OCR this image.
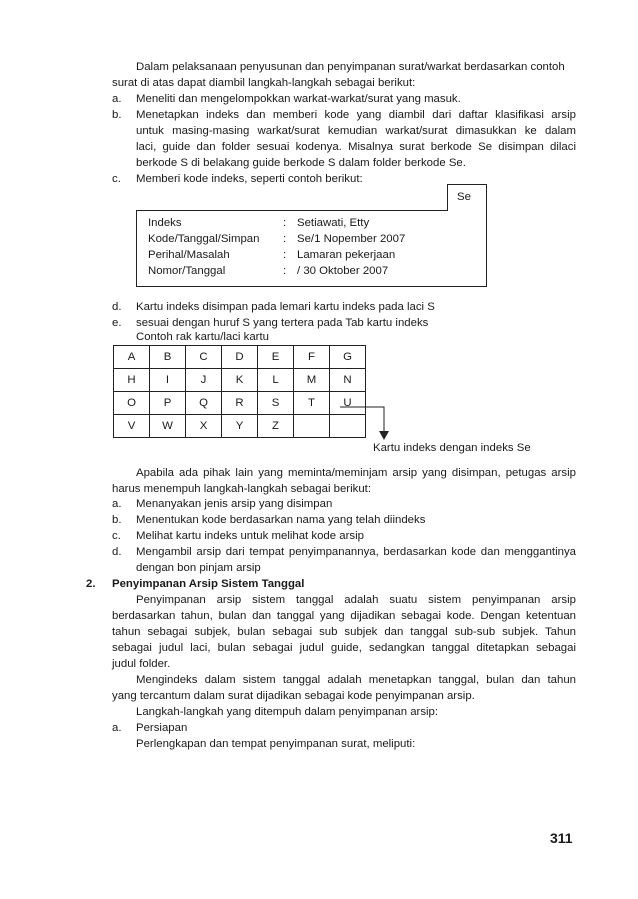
Dalam pelaksanaan penyusunan dan penyimpanan surat/warkat berdasarkan contoh
surat di atas dapat diambil langkah-langkah sebagai berikut:
a. Meneliti dan mengelompokkan warkat-warkat/surat yang masuk.
b. Menetapkan indeks dan memberi kode yang diambil dari daftar klasifikasi arsip
untuk masing-masing warkat/surat kemudian warkat/surat dimasukkan ke dalam
laci, guide dan folder sesuai kodenya. Misalnya surat berkode Se disimpan dilaci
berkode S di belakang guide berkode S dalam folder berkode Se.
c. Memberi kode indeks, seperti contoh berikut:
Se
Indeks	: Setiawati, Etty
Kode/Tanggal/Simpan : Se/1 Nopember 2007
Perihal/Masalah	: Lamaran pekerjaan
Nomor/Tanggal	: / 30 Oktober 2007
d. Kartu indeks disimpan pada lemari kartu indeks pada laci S
e. sesuai dengan huruf S yang tertera pada Tab kartu indeks
Contoh rak kartu/laci kartu
A	B	C	D	E	F	G
H	I	J	K	L	M	N
O	P	Q	R	S	T	U
V	W	X	Y	Z		
Kartu indeks dengan indeks Se
Apabila ada pihak lain yang meminta/meminjam arsip yang disimpan, petugas arsip
harus menempuh langkah-langkah sebagai berikut:
a. Menanyakan jenis arsip yang disimpan
b. Menentukan kode berdasarkan nama yang telah diindeks
c. Melihat kartu indeks untuk melihat kode arsip
d. Mengambil arsip dari tempat penyimpanannya, berdasarkan kode dan menggantinya
dengan bon pinjam arsip
2. Penyimpanan Arsip Sistem Tanggal
Penyimpanan arsip sistem tanggal adalah suatu sistem penyimpanan arsip
berdasarkan tahun, bulan dan tanggal yang dijadikan sebagai kode. Dengan ketentuan
tahun sebagai subjek, bulan sebagai sub subjek dan tanggal sub-sub subjek. Tahun
sebagai judul laci, bulan sebagai judul guide, sedangkan tanggal ditetapkan sebagai
judul folder.
Mengindeks dalam sistem tanggal adalah menetapkan tanggal, bulan dan tahun
yang tercantum dalam surat dijadikan sebagai kode penyimpanan arsip.
Langkah-langkah yang ditempuh dalam penyimpanan arsip:
a. Persiapan
Perlengkapan dan tempat penyimpanan surat, meliputi:
311
